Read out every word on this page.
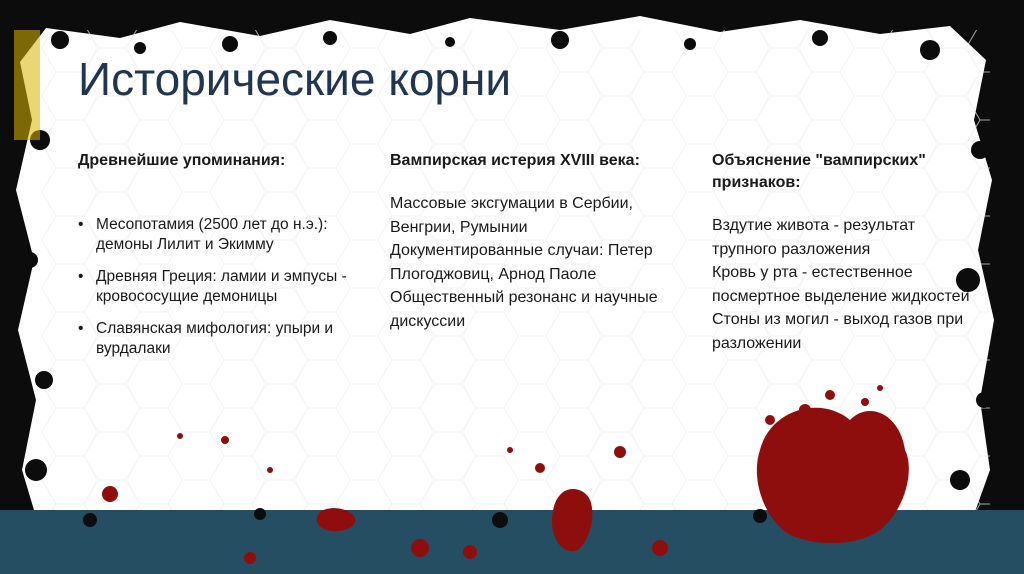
Исторические корни
Древнейшие упоминания:
• Месопотамия (2500 лет до н.э.): демоны Лилит и Экимму
• Древняя Греция: ламии и эмпусы - кровососущие демоницы
• Славянская мифология: упыри и вурдалаки
Вампирская истерия XVIII века:
Массовые эксгумации в Сербии, Венгрии, Румынии
Документированные случаи: Петер Плогоджовиц, Арнод Паоле
Общественный резонанс и научные дискуссии
Объяснение "вампирских" признаков:
Вздутие живота - результат трупного разложения
Кровь у рта - естественное посмертное выделение жидкостей
Стоны из могил - выход газов при разложении
